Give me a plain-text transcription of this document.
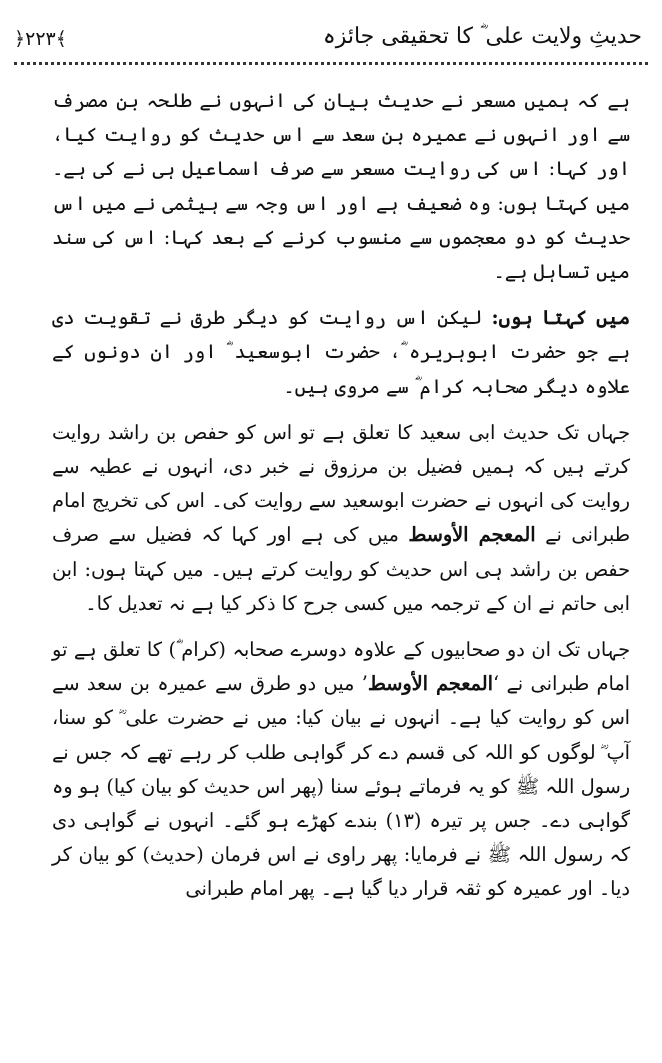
﴿۲۲۳﴾	حدیثِ ولایت علی ؓ کا تحقیقی جائزہ

ہے کہ ہمیں مسعر نے حدیث بیان کی انہوں نے طلحہ بن مصرف سے اور انہوں نے عمیرہ بن سعد سے اس حدیث کو روایت کیا، اور کہا: اس کی روایت مسعر سے صرف اسماعیل ہی نے کی ہے۔ میں کہتا ہوں: وہ ضعیف ہے اور اس وجہ سے ہیثمی نے میں اس حدیث کو دو معجموں سے منسوب کرنے کے بعد کہا: اس کی سند میں تساہل ہے۔

میں کہتا ہوں: لیکن اس روایت کو دیگر طرق نے تقویت دی ہے جو حضرت ابوہریرہ ؓ، حضرت ابوسعید ؓ اور ان دونوں کے علاوہ دیگر صحابہ کرام ؓ سے مروی ہیں۔

جہاں تک حدیث ابی سعید کا تعلق ہے تو اس کو حفص بن راشد روایت کرتے ہیں کہ ہمیں فضیل بن مرزوق نے خبر دی، انہوں نے عطیہ سے روایت کی انہوں نے حضرت ابوسعید سے روایت کی۔ اس کی تخریج امام طبرانی نے المعجم الأوسط میں کی ہے اور کہا کہ فضیل سے صرف حفص بن راشد ہی اس حدیث کو روایت کرتے ہیں۔ میں کہتا ہوں: ابن ابی حاتم نے ان کے ترجمہ میں کسی جرح کا ذکر کیا ہے نہ تعدیل کا۔

جہاں تک ان دو صحابیوں کے علاوہ دوسرے صحابہ (کرام ؓ) کا تعلق ہے تو امام طبرانی نے ‘المعجم الأوسط’ میں دو طرق سے عمیرہ بن سعد سے اس کو روایت کیا ہے۔ انہوں نے بیان کیا: میں نے حضرت علی ؓ کو سنا، آپ ؓ لوگوں کو اللہ کی قسم دے کر گواہی طلب کر رہے تھے کہ جس نے رسول اللہ ﷺ کو یہ فرماتے ہوئے سنا (پھر اس حدیث کو بیان کیا) ہو وہ گواہی دے۔ جس پر تیرہ (۱۳) بندے کھڑے ہو گئے۔ انہوں نے گواہی دی کہ رسول اللہ ﷺ نے فرمایا: پھر راوی نے اس فرمان (حدیث) کو بیان کر دیا۔ اور عمیرہ کو ثقہ قرار دیا گیا ہے۔ پھر امام طبرانی
